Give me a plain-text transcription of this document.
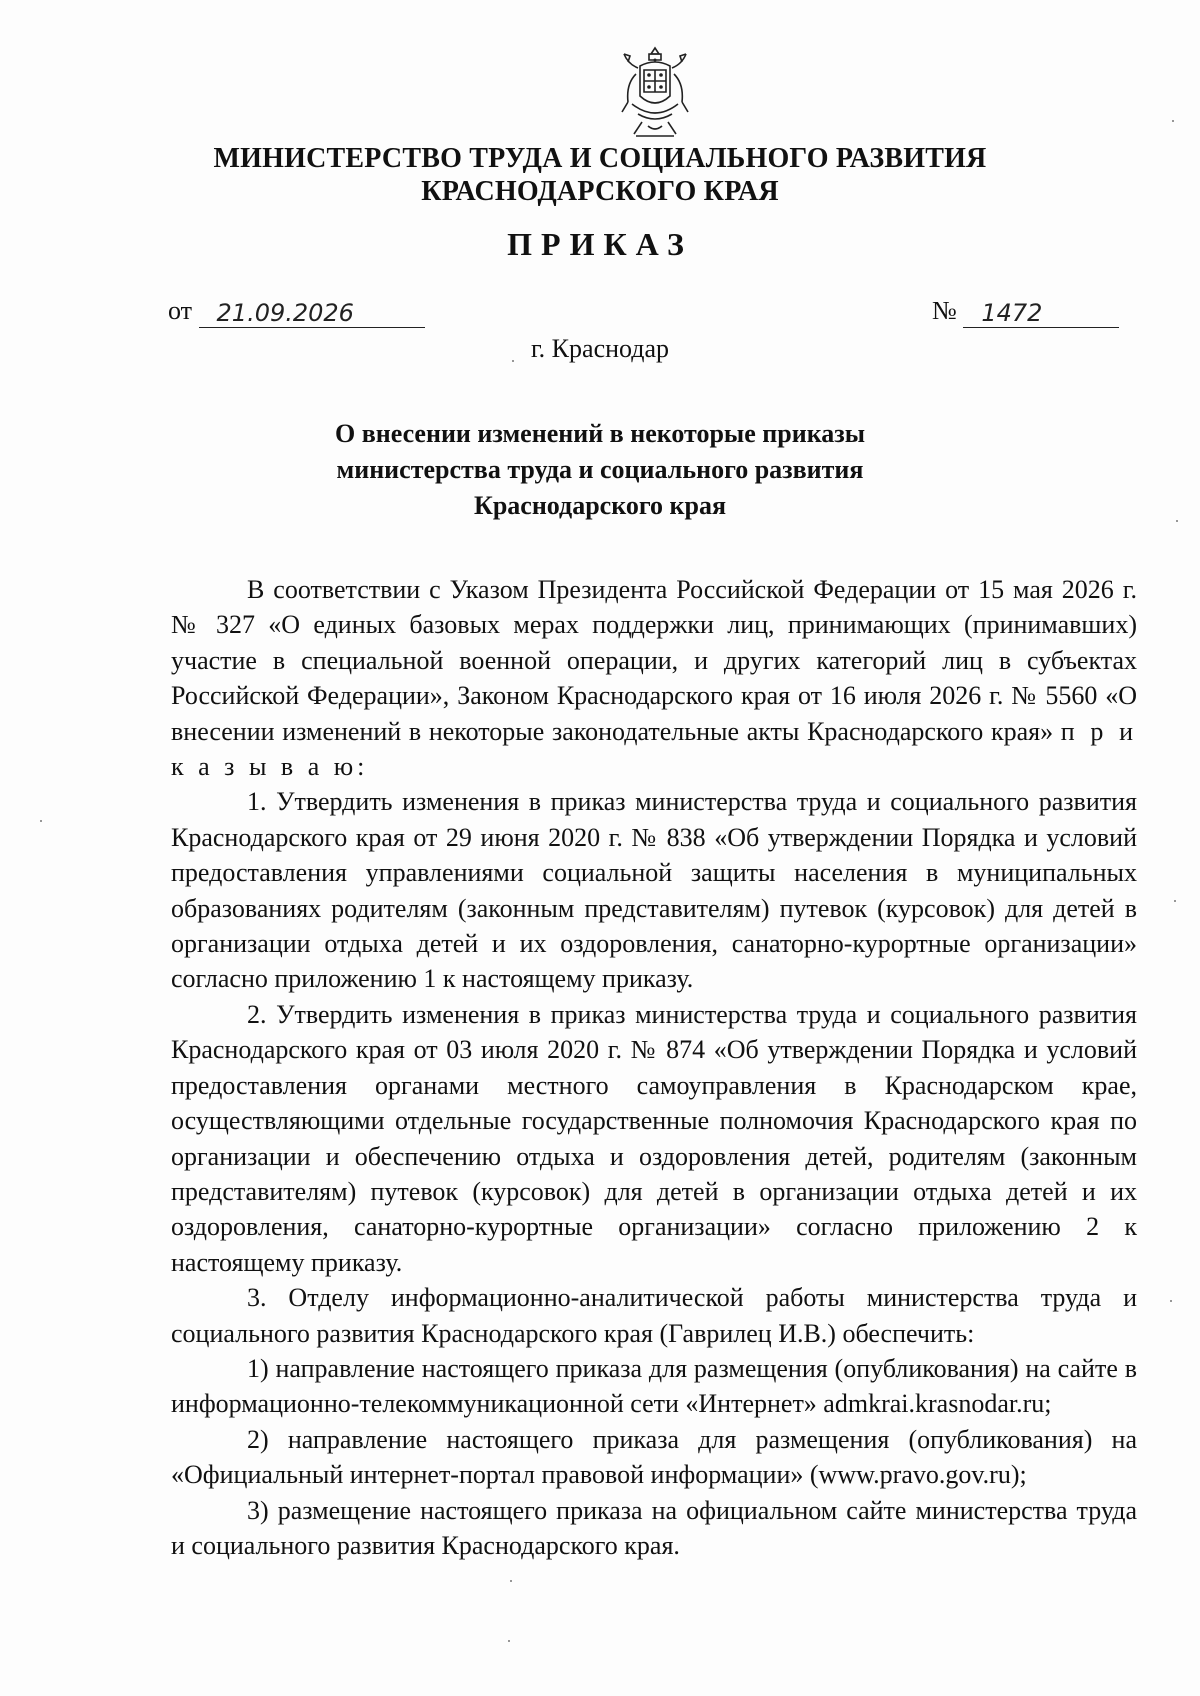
МИНИСТЕРСТВО ТРУДА И СОЦИАЛЬНОГО РАЗВИТИЯ
КРАСНОДАРСКОГО КРАЯ
ПРИКАЗ
от 21.09.2026	№ 1472
г. Краснодар
О внесении изменений в некоторые приказы
министерства труда и социального развития
Краснодарского края

В соответствии с Указом Президента Российской Федерации от 15 мая 2026 г. № 327 «О единых базовых мерах поддержки лиц, принимающих (принимавших) участие в специальной военной операции, и других категорий лиц в субъектах Российской Федерации», Законом Краснодарского края от 16 июля 2026 г. № 5560 «О внесении изменений в некоторые законодательные акты Краснодарского края» п р и к а з ы в а ю:

1. Утвердить изменения в приказ министерства труда и социального развития Краснодарского края от 29 июня 2020 г. № 838 «Об утверждении Порядка и условий предоставления управлениями социальной защиты населения в муниципальных образованиях родителям (законным представителям) путевок (курсовок) для детей в организации отдыха детей и их оздоровления, санаторно-курортные организации» согласно приложению 1 к настоящему приказу.

2. Утвердить изменения в приказ министерства труда и социального развития Краснодарского края от 03 июля 2020 г. № 874 «Об утверждении Порядка и условий предоставления органами местного самоуправления в Краснодарском крае, осуществляющими отдельные государственные полномочия Краснодарского края по организации и обеспечению отдыха и оздоровления детей, родителям (законным представителям) путевок (курсовок) для детей в организации отдыха детей и их оздоровления, санаторно-курортные организации» согласно приложению 2 к настоящему приказу.

3. Отделу информационно-аналитической работы министерства труда и социального развития Краснодарского края (Гаврилец И.В.) обеспечить:

1) направление настоящего приказа для размещения (опубликования) на сайте в информационно-телекоммуникационной сети «Интернет» admkrai.krasnodar.ru;

2) направление настоящего приказа для размещения (опубликования) на «Официальный интернет-портал правовой информации» (www.pravo.gov.ru);

3) размещение настоящего приказа на официальном сайте министерства труда и социального развития Краснодарского края.
